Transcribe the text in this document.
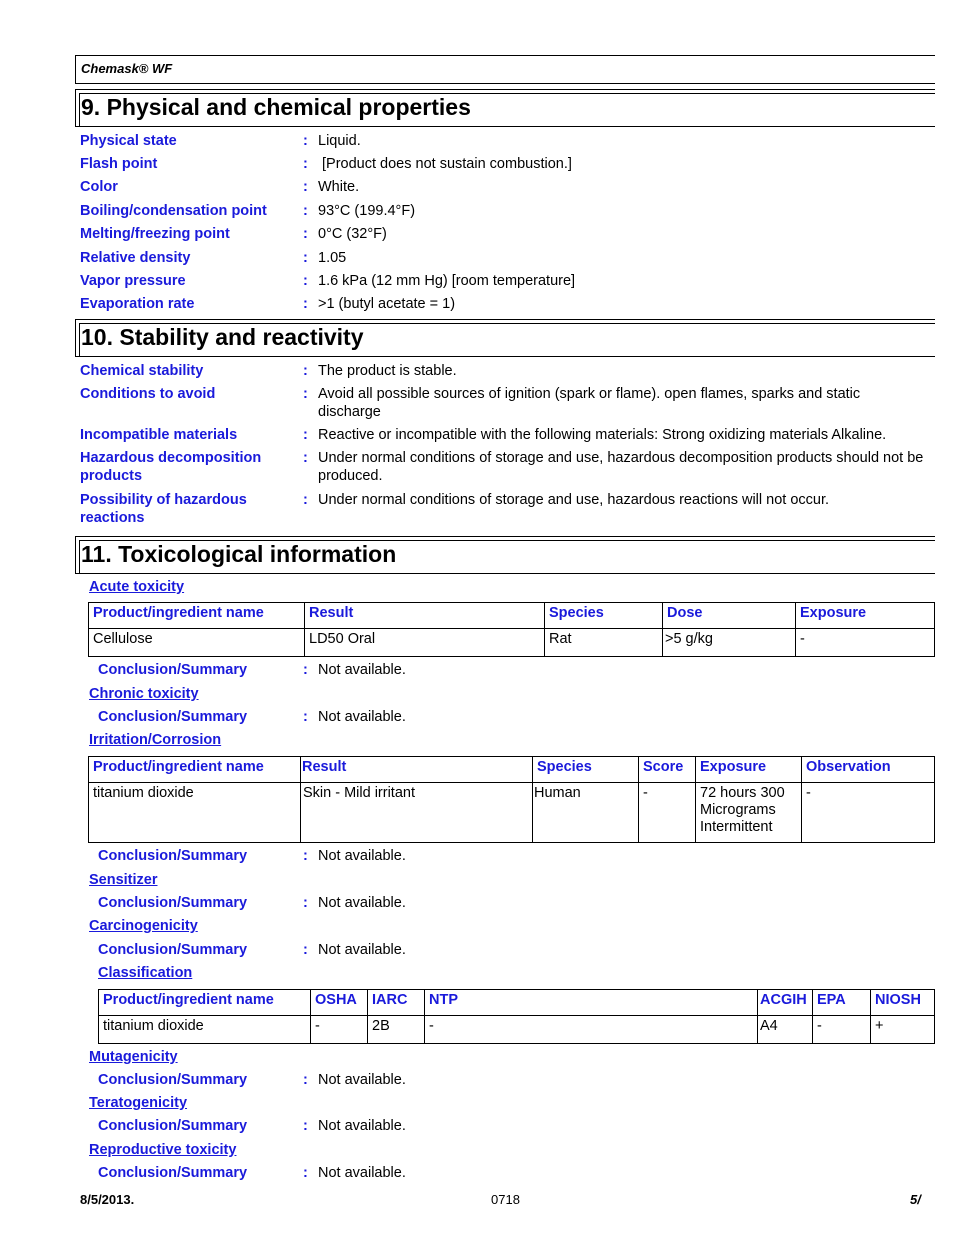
Chemask® WF
9. Physical and chemical properties
Physical state	: Liquid.
Flash point	: [Product does not sustain combustion.]
Color	: White.
Boiling/condensation point	: 93°C (199.4°F)
Melting/freezing point	: 0°C (32°F)
Relative density	: 1.05
Vapor pressure	: 1.6 kPa (12 mm Hg) [room temperature]
Evaporation rate	: >1 (butyl acetate = 1)
10. Stability and reactivity
Chemical stability	: The product is stable.
Conditions to avoid	: Avoid all possible sources of ignition (spark or flame). open flames, sparks and static discharge
Incompatible materials	: Reactive or incompatible with the following materials: Strong oxidizing materials Alkaline.
Hazardous decomposition products
: Under normal conditions of storage and use, hazardous decomposition products should not be produced.
Possibility of hazardous reactions
: Under normal conditions of storage and use, hazardous reactions will not occur.
11. Toxicological information
Acute toxicity
Product/ingredient name	Result	Species	Dose	Exposure
Cellulose	LD50 Oral	Rat	>5 g/kg	-
Conclusion/Summary	: Not available.
Chronic toxicity
Conclusion/Summary	: Not available.
Irritation/Corrosion
Product/ingredient name	Result	Species	Score	Exposure	Observation
titanium dioxide	Skin - Mild irritant	Human	-	72 hours 300 Micrograms Intermittent	-
Conclusion/Summary	: Not available.
Sensitizer
Conclusion/Summary	: Not available.
Carcinogenicity
Conclusion/Summary	: Not available.
Classification
Product/ingredient name	OSHA	IARC	NTP	ACGIH	EPA	NIOSH
titanium dioxide	-	2B	-	A4	-	+
Mutagenicity
Conclusion/Summary	: Not available.
Teratogenicity
Conclusion/Summary	: Not available.
Reproductive toxicity
Conclusion/Summary	: Not available.
8/5/2013.	0718	5/
